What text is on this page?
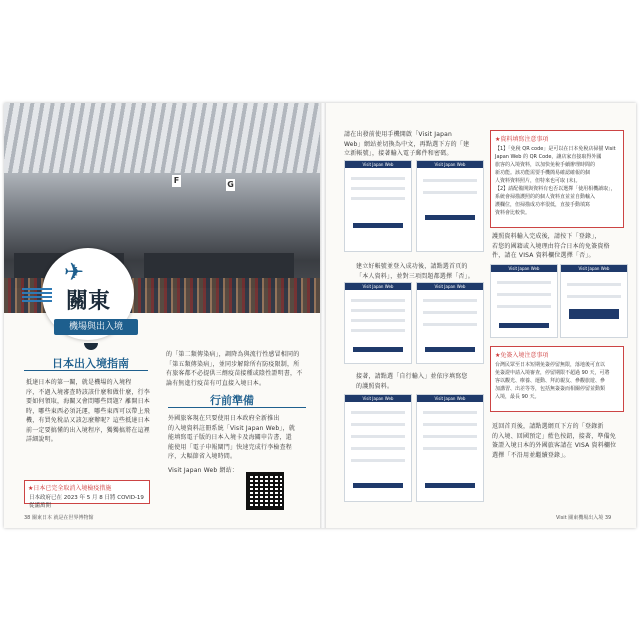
F	G
✈
關東
機場與出入境
日本出入境指南
抵達日本的第一關，就是機場的入境程
序，不過入境審查時該該什麼和做什麼，行李
要如何領取，海關又會問哪些問題？離開日本
時，哪些東西必須託運，哪些東西可以帶上飛
機，有買免稅品又該怎麼辦呢？這些抵達日本
前一定要搞懂的出入境程序，獨獨搞將在這裡
詳細說明。
★日本已完全取消入境檢疫措施
日本政府已在 2023 年 5 月 8 日將 COVID-19 從滿萬開
的「第二類傳染病」，調降為與流行性感冒相同的
「第五類傳染病」，並同步解除所有防疫限制，所
有旅客都不必提供三劑疫苗接種或陰性證明書，不
論有無進行疫苗有可直接入境日本。
行前準備
外國旅客現在只要使用日本政府全新推出
的入境資料註冊系統「Visit Japan Web」，就
能填寫電子版的日本入境卡及海關申告書，還
能使用「電子申報閘門」快速完成行李檢查程
序，大幅節省入境時間。
Visit Japan Web 網站：
38 關東日本 就是在世界博物館
請在出發前使用手機開啟「Visit Japan
Web」網站並切換為中文，再點選下方的「建
立新帳號」，接著輸入電子郵件和密碼。
Visit Japan Web	Visit Japan Web
建立好帳號並登入成功後，請點選首頁的
「本人資料」，並對三項問題都選擇「否」。
Visit Japan Web	Visit Japan Web
接著，請點選「自行輸入」並依序填寫您
的護照資料。
Visit Japan Web	Visit Japan Web
★資料填寫注意事項
【1】「免稅 QR code」是可以在日本免稅店掃描 Visit
Japan Web 的 QR Code，讓店家直接取得外國
旅客的入境資料，以加快免稅手續辦理時間的
新功能。該功能需要手機簡易確認確報的個
人資料資料照片，但特來也可取 (未)。
【2】請配備開與資料有也否以選擇「使用相機讀取」，
系統會掃描護照的的個人資料直並並自動輸入
護欄位，但掃描成功率很低，直接手動填寫
資料會比較快。
護照資料輸入完成後，請按下「登錄」，
若您的國籍或入境理由符合日本的免簽資格
件，請在 VISA 資料欄位選擇「否」。
Visit Japan Web	Visit Japan Web
★免簽入境注意事項
台灣民眾至日本短期免簽停留無限，落地後可直以
免簽證申請入境審查，停留期限不超過 90 天，可將
客以觀光、療養、運動、拜訪親友、參觀旅遊、參
加講習、出差等等，包括無簽簽而相關停留並動類
入境，最長 90 天。
返回首頁後，請點選網頁下方的「登錄新
的入境、回國預定」藍色按鈕，接著，準備免
簽證入境日本的外國旅客請在 VISA 資料欄位
選擇「不沿用並繼續登錄」。
Visit 關東機場出入境 39
